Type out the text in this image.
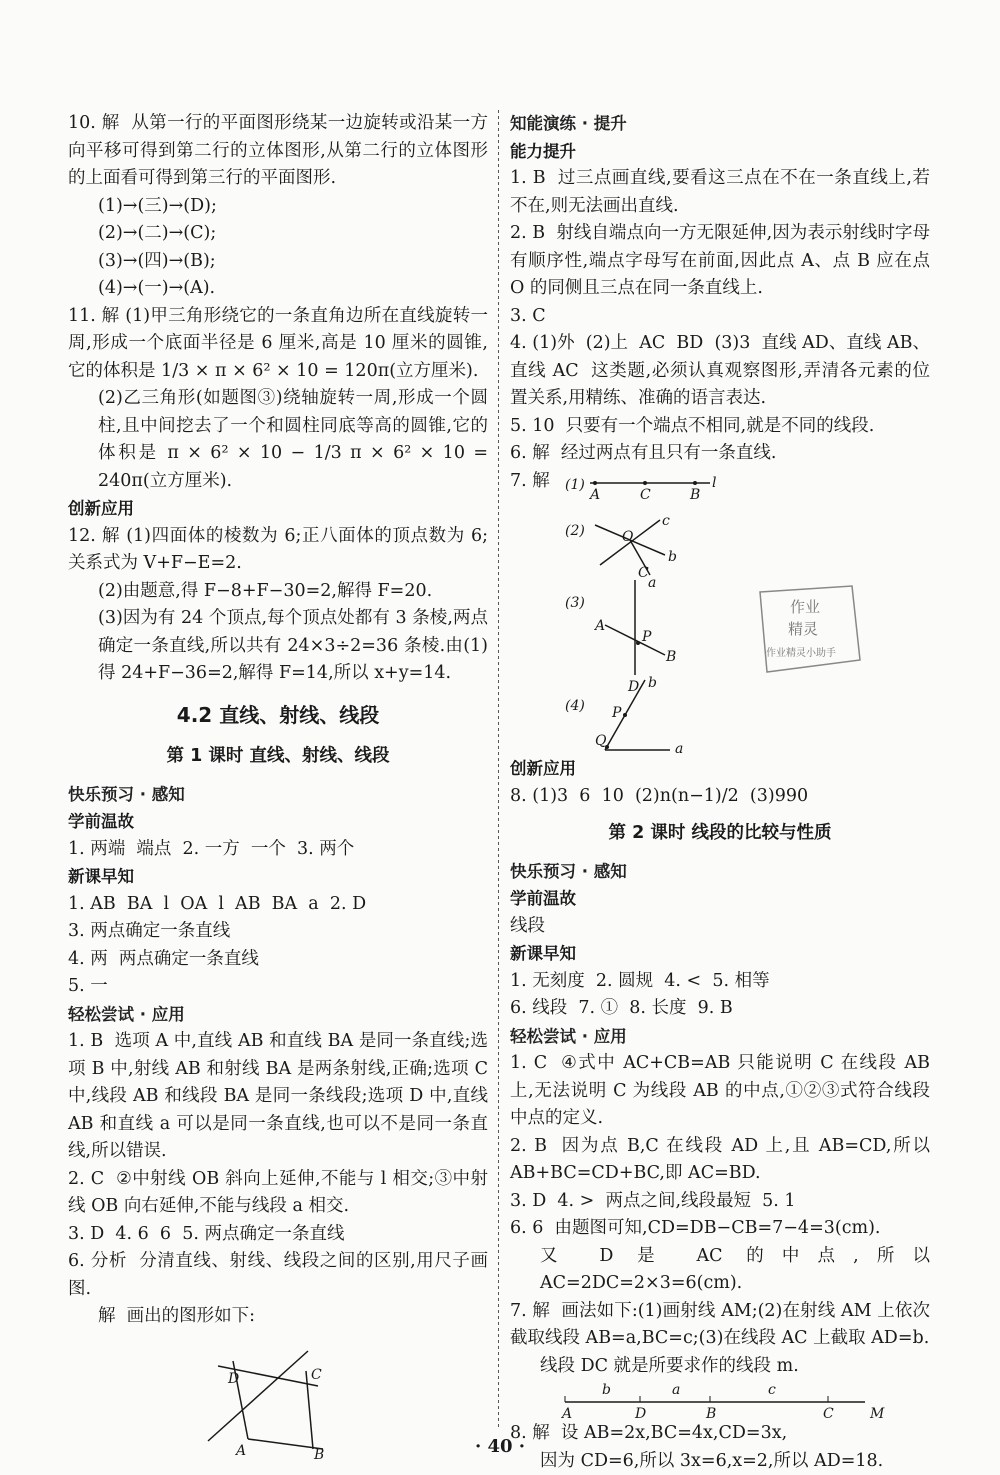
10. 解  从第一行的平面图形绕某一边旋转或沿某一方向平移可得到第二行的立体图形,从第二行的立体图形的上面看可得到第三行的平面图形.
(1)→(三)→(D);
(2)→(二)→(C);
(3)→(四)→(B);
(4)→(一)→(A).
11. 解 (1)甲三角形绕它的一条直角边所在直线旋转一周,形成一个底面半径是 6 厘米,高是 10 厘米的圆锥,它的体积是 1/3 × π × 6² × 10 = 120π(立方厘米).
(2)乙三角形(如题图③)绕轴旋转一周,形成一个圆柱,且中间挖去了一个和圆柱同底等高的圆锥,它的体积是 π × 6² × 10 − 1/3 π × 6² × 10 = 240π(立方厘米).
创新应用
12. 解 (1)四面体的棱数为 6;正八面体的顶点数为 6;关系式为 V+F−E=2.
(2)由题意,得 F−8+F−30=2,解得 F=20.
(3)因为有 24 个顶点,每个顶点处都有 3 条棱,两点确定一条直线,所以共有 24×3÷2=36 条棱.由(1)得 24+F−36=2,解得 F=14,所以 x+y=14.
4.2 直线、射线、线段
第 1 课时 直线、射线、线段
快乐预习 · 感知
学前温故
1. 两端  端点  2. 一方  一个  3. 两个
新课早知
1. AB  BA  l  OA  l  AB  BA  a  2. D
3. 两点确定一条直线
4. 两  两点确定一条直线
5. 一
轻松尝试 · 应用
1. B  选项 A 中,直线 AB 和直线 BA 是同一条直线;选项 B 中,射线 AB 和射线 BA 是两条射线,正确;选项 C 中,线段 AB 和线段 BA 是同一条线段;选项 D 中,直线 AB 和直线 a 可以是同一条直线,也可以不是同一条直线,所以错误.
2. C  ②中射线 OB 斜向上延伸,不能与 l 相交;③中射线 OB 向右延伸,不能与线段 a 相交.
3. D  4. 6  6  5. 两点确定一条直线
6. 分析  分清直线、射线、线段之间的区别,用尺子画图.
解  画出的图形如下:
D	C
A	B
知能演练 · 提升
能力提升
1. B  过三点画直线,要看这三点在不在一条直线上,若不在,则无法画出直线.
2. B  射线自端点向一方无限延伸,因为表示射线时字母有顺序性,端点字母写在前面,因此点 A、点 B 应在点 O 的同侧且三点在同一条直线上.
3. C
4. (1)外  (2)上  AC  BD  (3)3  直线 AD、直线 AB、直线 AC  这类题,必须认真观察图形,弄清各元素的位置关系,用精练、准确的语言表达.
5. 10  只要有一个端点不相同,就是不同的线段.
6. 解  经过两点有且只有一条直线.
7. 解	(1)
A	C	B
l
(2)	O
c
b
a
(3)
C
A
P
B
D
(4)
b
P
Q	a
创新应用
8. (1)3  6  10  (2)n(n−1)/2  (3)990
第 2 课时 线段的比较与性质
快乐预习 · 感知
学前温故
线段
新课早知
1. 无刻度  2. 圆规  4. <  5. 相等
6. 线段  7. ①  8. 长度  9. B
轻松尝试 · 应用
1. C  ④式中 AC+CB=AB 只能说明 C 在线段 AB 上,无法说明 C 为线段 AB 的中点,①②③式符合线段中点的定义.
2. B  因为点 B,C 在线段 AD 上,且 AB=CD,所以 AB+BC=CD+BC,即 AC=BD.
3. D  4. >  两点之间,线段最短  5. 1
6. 6  由题图可知,CD=DB−CB=7−4=3(cm).
又 D 是 AC 的中点,所以 AC=2DC=2×3=6(cm).
7. 解  画法如下:(1)画射线 AM;(2)在射线 AM 上依次截取线段 AB=a,BC=c;(3)在线段 AC 上截取 AD=b.
线段 DC 就是所要求作的线段 m.
b	a	c
A	D	B	C	M
8. 解  设 AB=2x,BC=4x,CD=3x,
因为 CD=6,所以 3x=6,x=2,所以 AD=18.
作业
精灵
作业精灵小助手
· 40 ·
